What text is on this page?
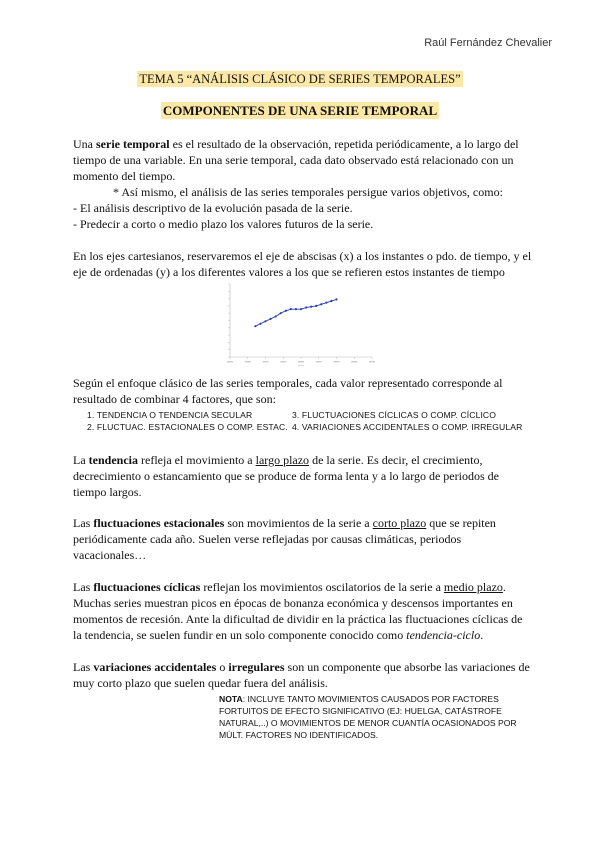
Raúl Fernández Chevalier
TEMA 5 “ANÁLISIS CLÁSICO DE SERIES TEMPORALES”
COMPONENTES DE UNA SERIE TEMPORAL

Una serie temporal es el resultado de la observación, repetida periódicamente, a lo largo del tiempo de una variable. En una serie temporal, cada dato observado está relacionado con un momento del tiempo.

* Así mismo, el análisis de las series temporales persigue varios objetivos, como:

- El análisis descriptivo de la evolución pasada de la serie.

- Predecir a corto o medio plazo los valores futuros de la serie.

En los ejes cartesianos, reservaremos el eje de abscisas (x) a los instantes o pdo. de tiempo, y el eje de ordenadas (y) a los diferentes valores a los que se refieren estos instantes de tiempo

Según el enfoque clásico de las series temporales, cada valor representado corresponde al resultado de combinar 4 factores, que son:

1. TENDENCIA O TENDENCIA SECULAR	3. FLUCTUACIONES CÍCLICAS O COMP. CÍCLICO
2. FLUCTUAC. ESTACIONALES O COMP. ESTAC. 4. VARIACIONES ACCIDENTALES O COMP. IRREGULAR
La tendencia refleja el movimiento a largo plazo de la serie. Es decir, el crecimiento, decrecimiento o estancamiento que se produce de forma lenta y a lo largo de periodos de tiempo largos.
Las fluctuaciones estacionales son movimientos de la serie a corto plazo que se repiten periódicamente cada año. Suelen verse reflejadas por causas climáticas, periodos vacacionales…
Las fluctuaciones cíclicas reflejan los movimientos oscilatorios de la serie a medio plazo. Muchas series muestran picos en épocas de bonanza económica y descensos importantes en momentos de recesión. Ante la dificultad de dividir en la práctica las fluctuaciones cíclicas de la tendencia, se suelen fundir en un solo componente conocido como tendencia-ciclo.
Las variaciones accidentales o irregulares son un componente que absorbe las variaciones de muy corto plazo que suelen quedar fuera del análisis.
NOTA: INCLUYE TANTO MOVIMIENTOS CAUSADOS POR FACTORES FORTUITOS DE EFECTO SIGNIFICATIVO (EJ: HUELGA, CATÁSTROFE NATURAL,..) O MOVIMIENTOS DE MENOR CUANTÍA OCASIONADOS POR MÚLT. FACTORES NO IDENTIFICADOS.
